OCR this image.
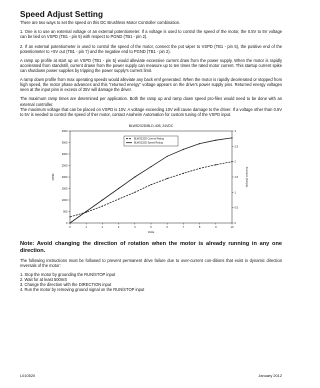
Speed Adjust Setting

There are two ways to set the speed on this DC Brushless Motor Controller combination.

1. One is to use an external voltage or an external potentiometer. If a voltage is used to control the speed of the motor, the 0.5V to 5V voltage can be tied on VSPD (TB1 - pin 5) with respect to PGND (TB1 - pin 2).

2. If an external potentiometer is used to control the speed of the motor, connect the pot wiper to VSPD (TB1 - pin 5), the positive end of the potentiometer to +5V out (TB1 - pin 7) and the negative end to PGND (TB1 - pin 2).

A ramp up profile at start up on VSPD (TB1 - pin 5) would alleviate excessive current draw from the power supply. When the motor is rapidly accelerated from standstill, current drawn from the power supply can measure up to ten times the rated motor current. This startup current spike can shutdown power supplies by tripping the power supply's current limit.

A ramp down profile from max operating speeds would alleviate any back emf generated. When the motor is rapidly decelerated or stopped from high speed, the motor phase advances and this "returned energy" voltage appears on the drive's power supply pins. Returned energy voltages seen at the input pins in excess of 35V will damage the driver.

The maximum ramp times are determined per application. Both the ramp up and ramp down speed pro-files would need to be done with an external controller.

The maximum voltage that can be placed on VSPD is 10V. A voltage exceeding 10V will cause damage to the driver. If a voltage other than 0.5V to 5V is needed to control the speed of ther motor, contact Anaheim Automation for custom tuning of the VSPD input.

BLWS232D/BLD-405, 24VDC
0
500
1000
1500
2000
2500
3000
3500
4000
0
0.5
1
1.5
2
2.5
3
0	1	2	3	4	5	6	7	8	9	10
Volts
RPM	Current (Amps)
BLWS232D Current Rating
BLWS232D Speed Rating

Note: Avoid changing the direction of rotation when the motor is already running in any one direction.

The following instructions must be followed to prevent permanent drive failure due to over-current con-ditions that exist in dynamic direction reversals of the motor:

1. Stop the motor by grounding the RUN/STOP input
2. Wait for at least 500mS
3. Change the direction with the DIRECTION input
4. Run the motor by removing ground signal on the RUN/STOP input
L010520	January 2012
